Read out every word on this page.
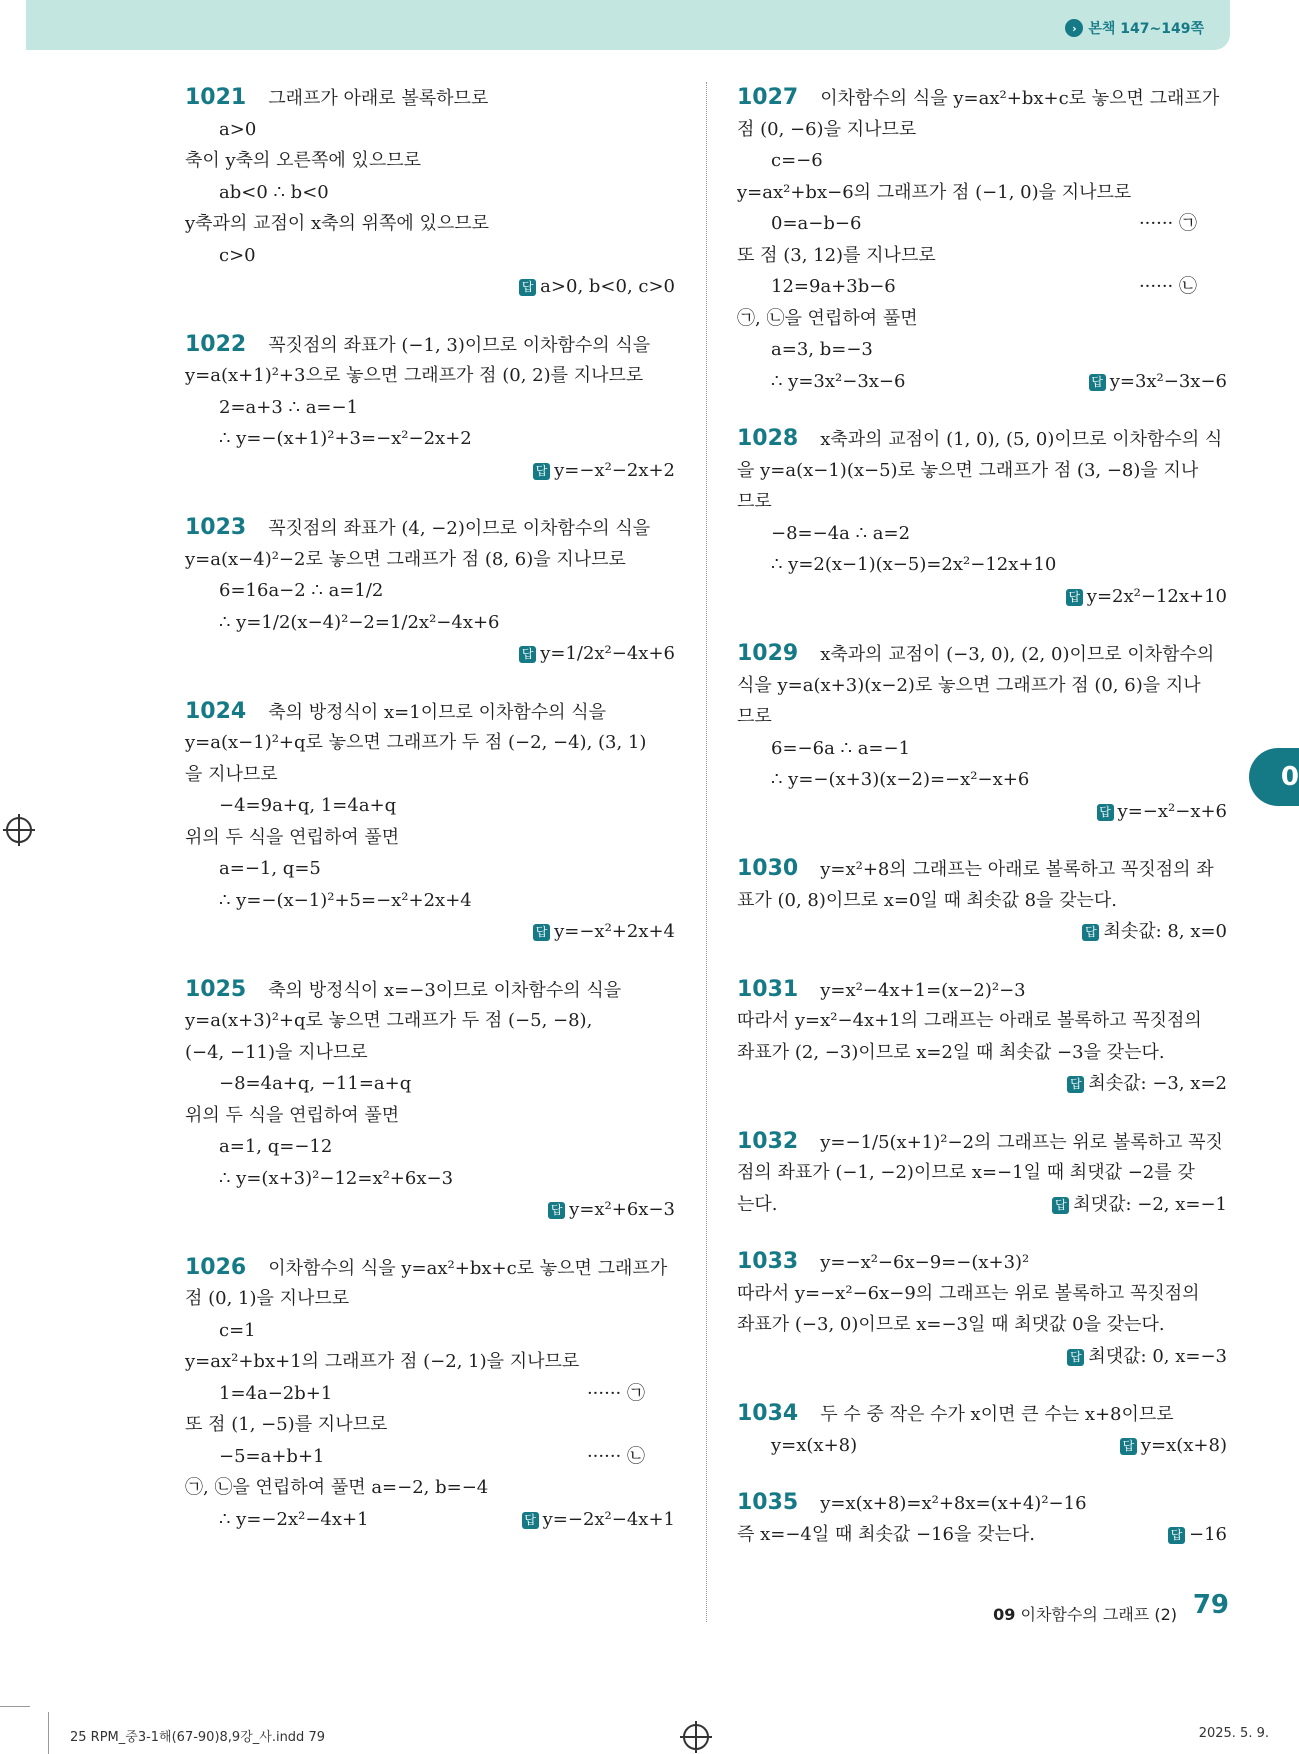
› 본책 147~149쪽
0
1021 그래프가 아래로 볼록하므로
a>0
축이 y축의 오른쪽에 있으므로
ab<0 ∴ b<0
y축과의 교점이 x축의 위쪽에 있으므로
c>0
답 a>0, b<0, c>0
1022 꼭짓점의 좌표가 (−1, 3)이므로 이차함수의 식을
y=a(x+1)²+3으로 놓으면 그래프가 점 (0, 2)를 지나므로
2=a+3 ∴ a=−1
∴ y=−(x+1)²+3=−x²−2x+2
답 y=−x²−2x+2
1023 꼭짓점의 좌표가 (4, −2)이므로 이차함수의 식을
y=a(x−4)²−2로 놓으면 그래프가 점 (8, 6)을 지나므로
6=16a−2 ∴ a=1/2
∴ y=1/2(x−4)²−2=1/2x²−4x+6
답 y=1/2x²−4x+6
1024 축의 방정식이 x=1이므로 이차함수의 식을
y=a(x−1)²+q로 놓으면 그래프가 두 점 (−2, −4), (3, 1)
을 지나므로
−4=9a+q, 1=4a+q
위의 두 식을 연립하여 풀면
a=−1, q=5
∴ y=−(x−1)²+5=−x²+2x+4
답 y=−x²+2x+4
1025 축의 방정식이 x=−3이므로 이차함수의 식을
y=a(x+3)²+q로 놓으면 그래프가 두 점 (−5, −8),
(−4, −11)을 지나므로
−8=4a+q, −11=a+q
위의 두 식을 연립하여 풀면
a=1, q=−12
∴ y=(x+3)²−12=x²+6x−3
답 y=x²+6x−3
1026 이차함수의 식을 y=ax²+bx+c로 놓으면 그래프가
점 (0, 1)을 지나므로
c=1
y=ax²+bx+1의 그래프가 점 (−2, 1)을 지나므로
1=4a−2b+1	······ ㉠
또 점 (1, −5)를 지나므로
−5=a+b+1	······ ㉡
㉠, ㉡을 연립하여 풀면 a=−2, b=−4
∴ y=−2x²−4x+1	답 y=−2x²−4x+1
1027 이차함수의 식을 y=ax²+bx+c로 놓으면 그래프가
점 (0, −6)을 지나므로
c=−6
y=ax²+bx−6의 그래프가 점 (−1, 0)을 지나므로
0=a−b−6	······ ㉠
또 점 (3, 12)를 지나므로
12=9a+3b−6	······ ㉡
㉠, ㉡을 연립하여 풀면
a=3, b=−3
∴ y=3x²−3x−6	답 y=3x²−3x−6
1028 x축과의 교점이 (1, 0), (5, 0)이므로 이차함수의 식
을 y=a(x−1)(x−5)로 놓으면 그래프가 점 (3, −8)을 지나
므로
−8=−4a ∴ a=2
∴ y=2(x−1)(x−5)=2x²−12x+10
답 y=2x²−12x+10
1029 x축과의 교점이 (−3, 0), (2, 0)이므로 이차함수의
식을 y=a(x+3)(x−2)로 놓으면 그래프가 점 (0, 6)을 지나
므로
6=−6a ∴ a=−1
∴ y=−(x+3)(x−2)=−x²−x+6
답 y=−x²−x+6
1030 y=x²+8의 그래프는 아래로 볼록하고 꼭짓점의 좌
표가 (0, 8)이므로 x=0일 때 최솟값 8을 갖는다.
답 최솟값: 8, x=0
1031 y=x²−4x+1=(x−2)²−3
따라서 y=x²−4x+1의 그래프는 아래로 볼록하고 꼭짓점의
좌표가 (2, −3)이므로 x=2일 때 최솟값 −3을 갖는다.
답 최솟값: −3, x=2
1032 y=−1/5(x+1)²−2의 그래프는 위로 볼록하고 꼭짓
점의 좌표가 (−1, −2)이므로 x=−1일 때 최댓값 −2를 갖
는다.	답 최댓값: −2, x=−1
1033 y=−x²−6x−9=−(x+3)²
따라서 y=−x²−6x−9의 그래프는 위로 볼록하고 꼭짓점의
좌표가 (−3, 0)이므로 x=−3일 때 최댓값 0을 갖는다.
답 최댓값: 0, x=−3
1034 두 수 중 작은 수가 x이면 큰 수는 x+8이므로
y=x(x+8)	답 y=x(x+8)
1035 y=x(x+8)=x²+8x=(x+4)²−16
즉 x=−4일 때 최솟값 −16을 갖는다.	답 −16
09 이차함수의 그래프 (2) 79
25 RPM_중3-1해(67-90)8,9강_사.indd 79	2025. 5. 9.
